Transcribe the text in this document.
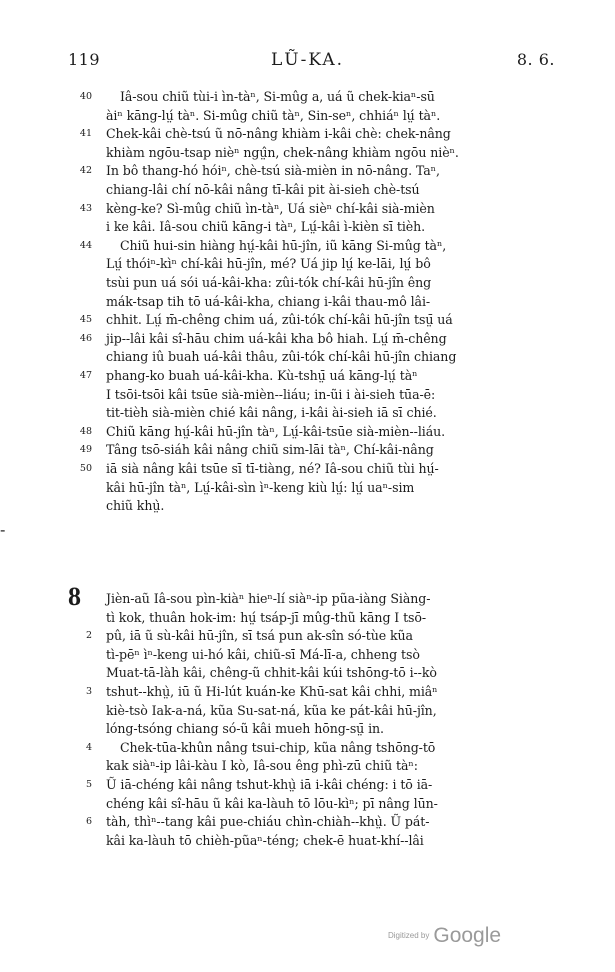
119	LŨ-KA.	8. 6.
40 Iâ-sou chiũ tùi-i ìn-tàⁿ, Si-mûg a, uá ũ chek-kiaⁿ-sū
àiⁿ kāng-lṳ́ tàⁿ. Si-mûg chiũ tàⁿ, Sin-seⁿ, chhiáⁿ lṳ́ tàⁿ.
41 Chek-kâi chè-tsú ũ nō-nâng khiàm i-kâi chè: chek-nâng
khiàm ngōu-tsap nièⁿ ngṳ̂n, chek-nâng khiàm ngōu nièⁿ.
42 In bô thang-hó hóiⁿ, chè-tsú sià-mièn in nō-nâng. Taⁿ,
chiang-lâi chí nō-kâi nâng tī-kâi pit ài-sieh chè-tsú
43 kèng-ke? Sì-mûg chiũ ìn-tàⁿ, Uá sièⁿ chí-kâi sià-mièn
i ke kâi. Iâ-sou chiũ kāng-i tàⁿ, Lṳ́-kâi ì-kièn sī tièh.
44 Chiũ hui-sin hiàng hṳ́-kâi hū-jîn, iũ kāng Si-mûg tàⁿ,
Lṳ́ thóiⁿ-kìⁿ chí-kâi hū-jîn, mé? Uá jip lṳ́ ke-lāi, lṳ́ bô
tsùi pun uá sói uá-kâi-kha: zûi-tók chí-kâi hū-jîn êng
mák-tsap tih tō uá-kâi-kha, chiang i-kâi thau-mô lâi-
45 chhit. Lṳ́ m̄-chêng chim uá, zûi-tók chí-kâi hū-jîn tsṳ̄ uá
46 jip--lâi kâi sî-hāu chim uá-kâi kha bô hiah. Lṳ́ m̄-chêng
chiang iû buah uá-kâi thâu, zûi-tók chí-kâi hū-jîn chiang
47 phang-ko buah uá-kâi-kha. Kù-tshṳ̄ uá kāng-lṳ́ tàⁿ
I tsōi-tsōi kâi tsūe sià-mièn--liáu; in-ũi i ài-sieh tūa-ē:
tit-tièh sià-mièn chié kâi nâng, i-kâi ài-sieh iā sī chié.
48 Chiũ kāng hṳ́-kâi hū-jîn tàⁿ, Lṳ́-kâi-tsūe sià-mièn--liáu.
49 Tâng tsō-siáh kâi nâng chiũ sim-lāi tàⁿ, Chí-kâi-nâng
50 iā sià nâng kâi tsūe sī tī-tiàng, né? Iâ-sou chiũ tùi hṳ́-
kâi hū-jîn tàⁿ, Lṳ́-kâi-sìn ìⁿ-keng kiù lṳ́: lṳ́ uaⁿ-sim
chiũ khṳ̀.
-
8 Jièn-aũ Iâ-sou pìn-kiàⁿ hieⁿ-lí siàⁿ-ip pũa-iàng Siàng-
tì kok, thuân hok-im: hṳ́ tsáp-jī mûg-thũ kāng I tsō-
2 pû, iā ũ sù-kâi hū-jîn, sī tsá pun ak-sîn só-tùe kũa
tì-pēⁿ ìⁿ-keng ui-hó kâi, chiũ-sī Má-lī-a, chheng tsò
Muat-tā-làh kâi, chêng-ũ chhit-kâi kúi tshōng-tō i--kò
3 tshut--khṳ̀, iū ũ Hi-lút kuán-ke Khū-sat kâi chhi, miâⁿ
kiè-tsò Iak-a-ná, kũa Su-sat-ná, kũa ke pát-kâi hū-jîn,
lóng-tsóng chiang só-ũ kâi mueh hōng-sṳ̄ in.
4 Chek-tūa-khûn nâng tsui-chip, kũa nâng tshōng-tō
kak siàⁿ-ip lâi-kàu I kò, Iâ-sou êng phì-zū chiũ tàⁿ:
5 Ũ iā-chéng kâi nâng tshut-khṳ̀ iā i-kâi chéng: i tō iā-
chéng kâi sî-hāu ũ kâi ka-làuh tō lōu-kìⁿ; pī nâng lūn-
6 tàh, thìⁿ--tang kâi pue-chiáu chìn-chiàh--khṳ̀. Ũ pát-
kâi ka-làuh tō chièh-pũaⁿ-téng; chek-ē huat-khí--lâi
$^{Digitized by}$ Google
